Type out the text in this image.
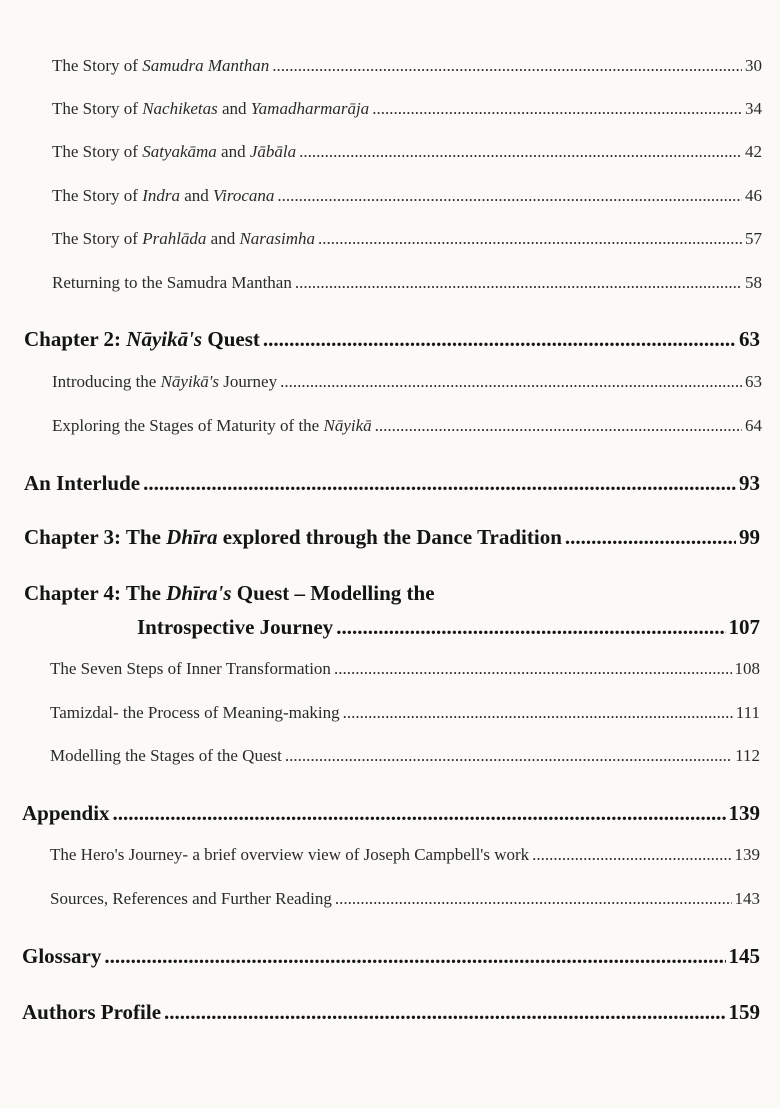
The Story of Samudra Manthan .....	30
The Story of Nachiketas and Yamadharmarāja .....	34
The Story of Satyakāma and Jābāla .....	42
The Story of Indra and Virocana .....	46
The Story of Prahlāda and Narasimha .....	57
Returning to the Samudra Manthan .....	58
Chapter 2: Nāyikā's Quest .....	63
Introducing the Nāyikā's Journey .....	63
Exploring the Stages of Maturity of the Nāyikā .....	64
An Interlude .....	93
Chapter 3: The Dhīra explored through the Dance Tradition .....	99
Chapter 4: The Dhīra's Quest – Modelling the
Introspective Journey .....	107
The Seven Steps of Inner Transformation .....	108
Tamizdal- the Process of Meaning-making .....	111
Modelling the Stages of the Quest .....	112
Appendix .....	139
The Hero's Journey- a brief overview view of Joseph Campbell's work .....	139
Sources, References and Further Reading .....	143
Glossary .....	145
Authors Profile .....	159
